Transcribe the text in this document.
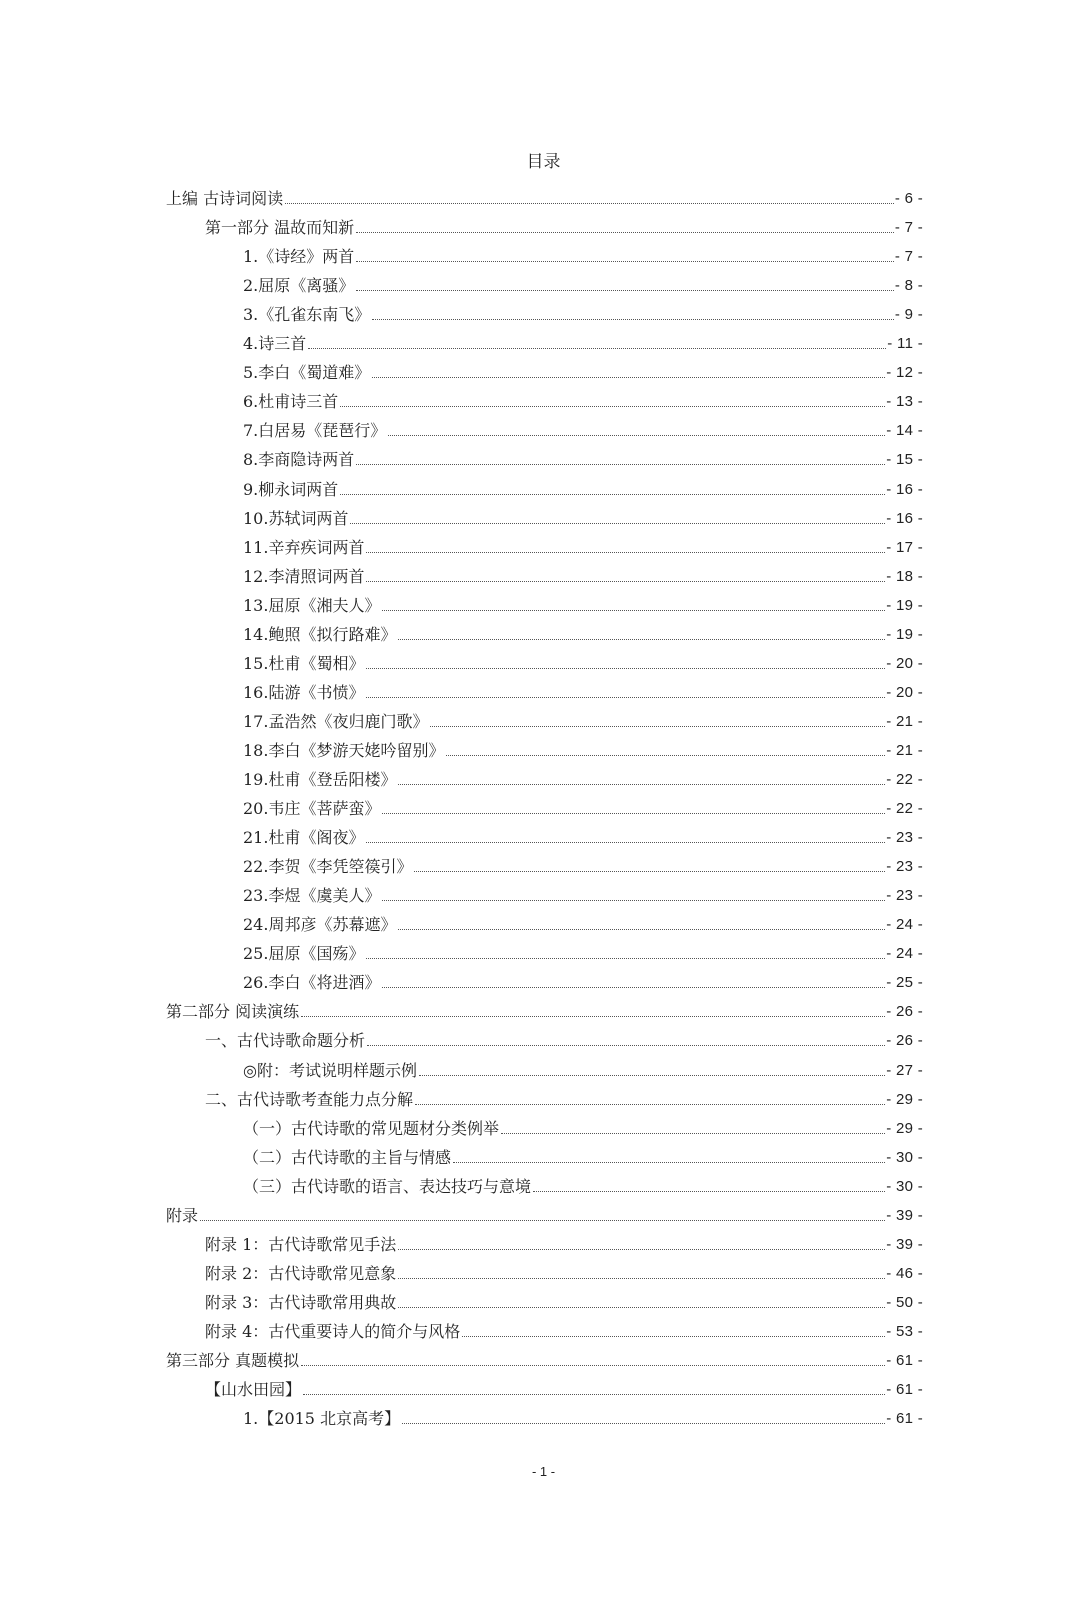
目录
上编 古诗词阅读	- 6 -
第一部分 温故而知新	- 7 -
1.《诗经》两首	- 7 -
2.屈原《离骚》	- 8 -
3.《孔雀东南飞》	- 9 -
4.诗三首	- 11 -
5.李白《蜀道难》	- 12 -
6.杜甫诗三首	- 13 -
7.白居易《琵琶行》	- 14 -
8.李商隐诗两首	- 15 -
9.柳永词两首	- 16 -
10.苏轼词两首	- 16 -
11.辛弃疾词两首	- 17 -
12.李清照词两首	- 18 -
13.屈原《湘夫人》	- 19 -
14.鲍照《拟行路难》	- 19 -
15.杜甫《蜀相》	- 20 -
16.陆游《书愤》	- 20 -
17.孟浩然《夜归鹿门歌》	- 21 -
18.李白《梦游天姥吟留别》	- 21 -
19.杜甫《登岳阳楼》	- 22 -
20.韦庄《菩萨蛮》	- 22 -
21.杜甫《阁夜》	- 23 -
22.李贺《李凭箜篌引》	- 23 -
23.李煜《虞美人》	- 23 -
24.周邦彦《苏幕遮》	- 24 -
25.屈原《国殇》	- 24 -
26.李白《将进酒》	- 25 -
第二部分 阅读演练	- 26 -
一、古代诗歌命题分析	- 26 -
◎附：考试说明样题示例	- 27 -
二、古代诗歌考查能力点分解	- 29 -
（一）古代诗歌的常见题材分类例举	- 29 -
（二）古代诗歌的主旨与情感	- 30 -
（三）古代诗歌的语言、表达技巧与意境	- 30 -
附录	- 39 -
附录 1：古代诗歌常见手法	- 39 -
附录 2：古代诗歌常见意象	- 46 -
附录 3：古代诗歌常用典故	- 50 -
附录 4：古代重要诗人的简介与风格	- 53 -
第三部分 真题模拟	- 61 -
【山水田园】	- 61 -
1.【2015 北京高考】	- 61 -
- 1 -
